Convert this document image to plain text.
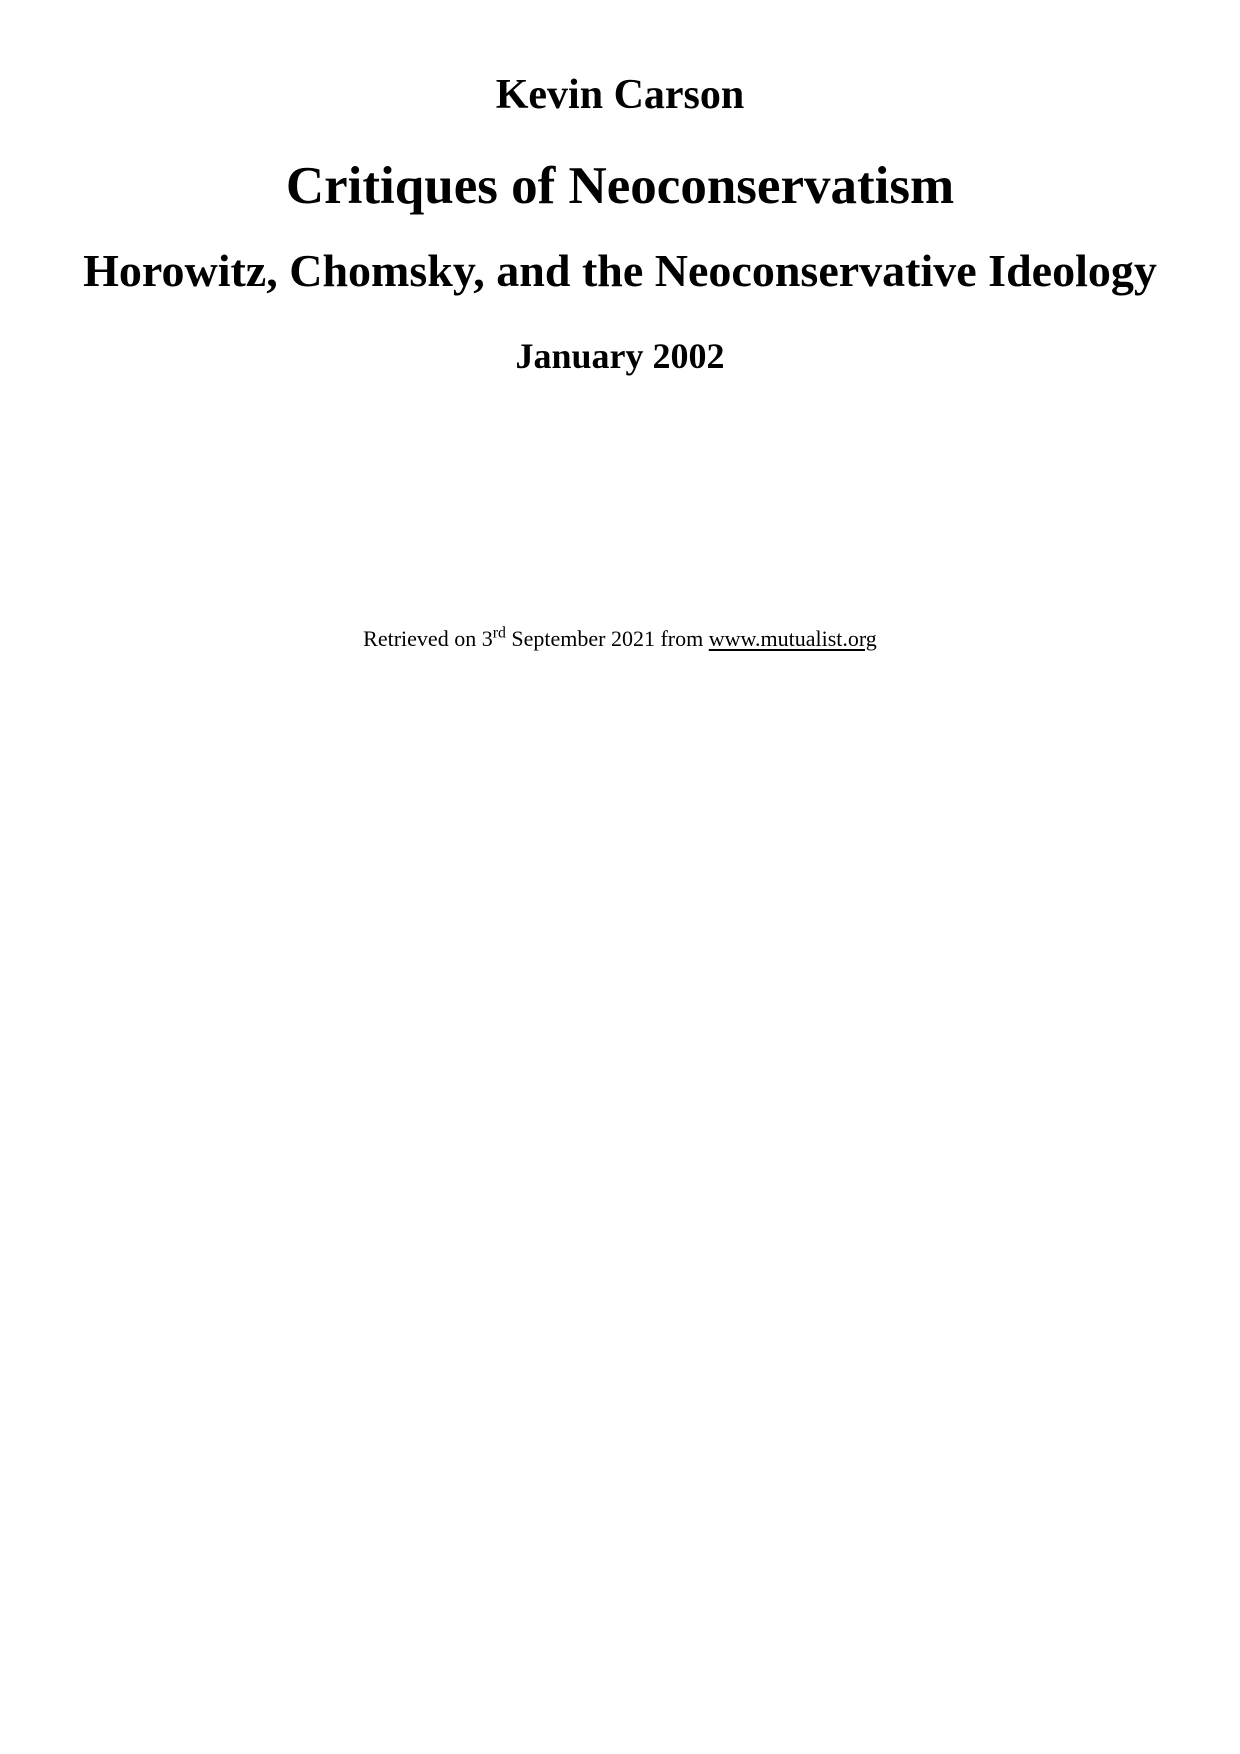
Kevin Carson
Critiques of Neoconservatism
Horowitz, Chomsky, and the Neoconservative Ideology
January 2002
Retrieved on 3rd September 2021 from www.mutualist.org
